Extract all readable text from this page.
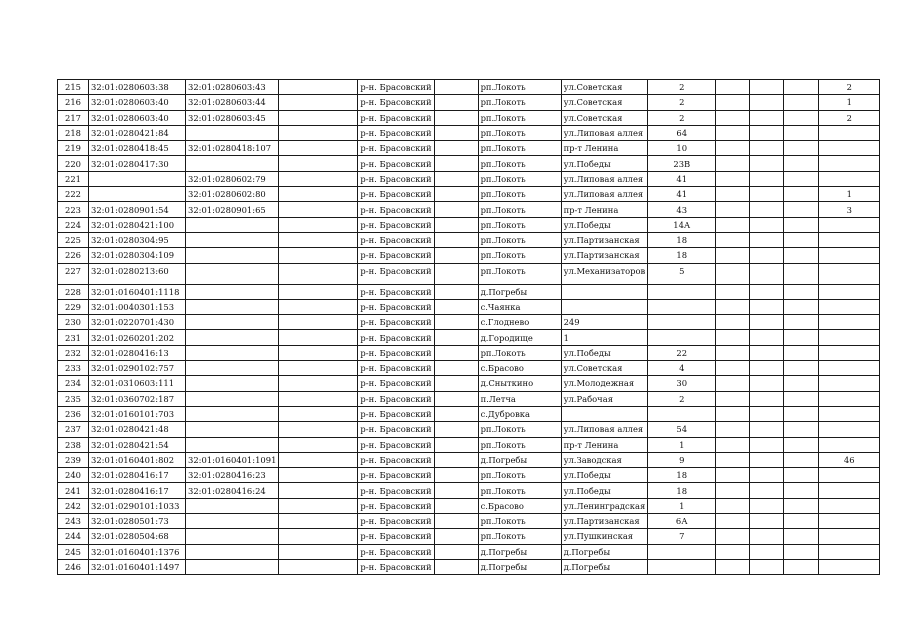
215	32:01:0280603:38	32:01:0280603:43		р-н. Брасовский		рп.Локоть	ул.Советская	2				2
216	32:01:0280603:40	32:01:0280603:44		р-н. Брасовский		рп.Локоть	ул.Советская	2				1
217	32:01:0280603:40	32:01:0280603:45		р-н. Брасовский		рп.Локоть	ул.Советская	2				2
218	32:01:0280421:84			р-н. Брасовский		рп.Локоть	ул.Липовая аллея	64				
219	32:01:0280418:45	32:01:0280418:107		р-н. Брасовский		рп.Локоть	пр-т Ленина	10				
220	32:01:0280417:30			р-н. Брасовский		рп.Локоть	ул.Победы	23В				
221		32:01:0280602:79		р-н. Брасовский		рп.Локоть	ул.Липовая аллея	41				
222		32:01:0280602:80		р-н. Брасовский		рп.Локоть	ул.Липовая аллея	41				1
223	32:01:0280901:54	32:01:0280901:65		р-н. Брасовский		рп.Локоть	пр-т Ленина	43				3
224	32:01:0280421:100			р-н. Брасовский		рп.Локоть	ул.Победы	14А				
225	32:01:0280304:95			р-н. Брасовский		рп.Локоть	ул.Партизанская	18				
226	32:01:0280304:109			р-н. Брасовский		рп.Локоть	ул.Партизанская	18				
227	32:01:0280213:60			р-н. Брасовский		рп.Локоть	ул.Механизаторов	5				
228	32:01:0160401:1118			р-н. Брасовский		д.Погребы						
229	32:01:0040301:153			р-н. Брасовский		с.Чаянка						
230	32:01:0220701:430			р-н. Брасовский		с.Глоднево	249					
231	32:01:0260201:202			р-н. Брасовский		д.Городище	1					
232	32:01:0280416:13			р-н. Брасовский		рп.Локоть	ул.Победы	22				
233	32:01:0290102:757			р-н. Брасовский		с.Брасово	ул.Советская	4				
234	32:01:0310603:111			р-н. Брасовский		д.Сныткино	ул.Молодежная	30				
235	32:01:0360702:187			р-н. Брасовский		п.Летча	ул.Рабочая	2				
236	32:01:0160101:703			р-н. Брасовский		с.Дубровка						
237	32:01:0280421:48			р-н. Брасовский		рп.Локоть	ул.Липовая аллея	54				
238	32:01:0280421:54			р-н. Брасовский		рп.Локоть	пр-т Ленина	1				
239	32:01:0160401:802	32:01:0160401:1091		р-н. Брасовский		д.Погребы	ул.Заводская	9				46
240	32:01:0280416:17	32:01:0280416:23		р-н. Брасовский		рп.Локоть	ул.Победы	18				
241	32:01:0280416:17	32:01:0280416:24		р-н. Брасовский		рп.Локоть	ул.Победы	18				
242	32:01:0290101:1033			р-н. Брасовский		с.Брасово	ул.Ленинградская	1				
243	32:01:0280501:73			р-н. Брасовский		рп.Локоть	ул.Партизанская	6А				
244	32:01:0280504:68			р-н. Брасовский		рп.Локоть	ул.Пушкинская	7				
245	32:01:0160401:1376			р-н. Брасовский		д.Погребы	д.Погребы					
246	32:01:0160401:1497			р-н. Брасовский		д.Погребы	д.Погребы					
